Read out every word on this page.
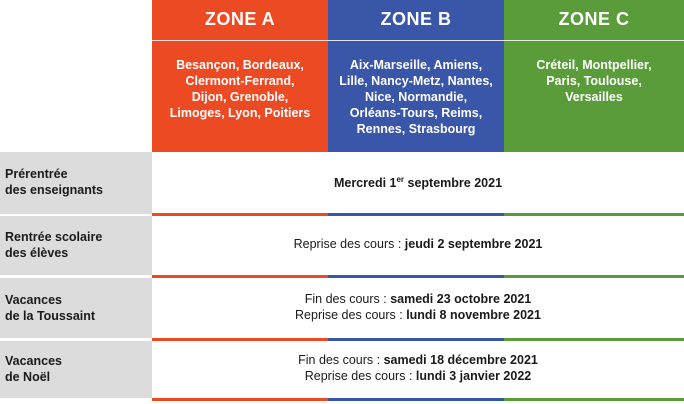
ZONE A
Besançon, Bordeaux,
Clermont-Ferrand,
Dijon, Grenoble,
Limoges, Lyon, Poitiers
ZONE B
Aix-Marseille, Amiens,
Lille, Nancy-Metz, Nantes,
Nice, Normandie,
Orléans-Tours, Reims,
Rennes, Strasbourg
ZONE C
Créteil, Montpellier,
Paris, Toulouse,
Versailles
Prérentrée
des enseignants	Mercredi 1er septembre 2021
Rentrée scolaire
des élèves
Reprise des cours : jeudi 2 septembre 2021
Vacances
de la Toussaint
Fin des cours : samedi 23 octobre 2021
Reprise des cours : lundi 8 novembre 2021
Vacances
de Noël
Fin des cours : samedi 18 décembre 2021
Reprise des cours : lundi 3 janvier 2022
